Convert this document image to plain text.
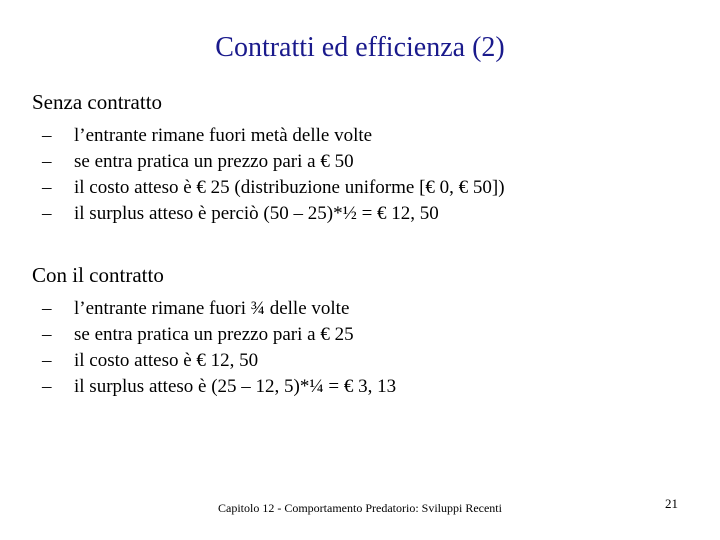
Contratti ed efficienza (2)
Senza contratto
– l’entrante rimane fuori metà delle volte
– se entra pratica un prezzo pari a € 50
– il costo atteso è € 25 (distribuzione uniforme [€ 0, € 50])
– il surplus atteso è perciò (50 – 25)*½ = € 12, 50
Con il contratto
– l’entrante rimane fuori ¾ delle volte
– se entra pratica un prezzo pari a € 25
– il costo atteso è € 12, 50
– il surplus atteso è (25 – 12, 5)*¼ = € 3, 13
Capitolo 12 - Comportamento Predatorio: Sviluppi Recenti	21
